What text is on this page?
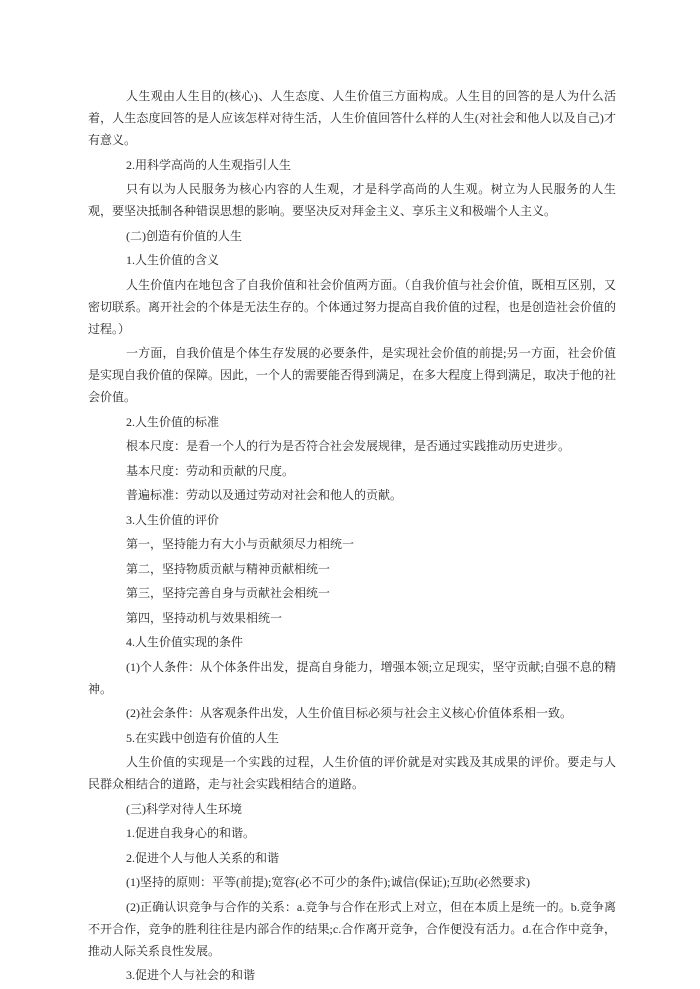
人生观由人生目的(核心)、人生态度、人生价值三方面构成。人生目的回答的是人为什么活着，人生态度回答的是人应该怎样对待生活，人生价值回答什么样的人生(对社会和他人以及自己)才有意义。

2.用科学高尚的人生观指引人生

只有以为人民服务为核心内容的人生观，才是科学高尚的人生观。树立为人民服务的人生观，要坚决抵制各种错误思想的影响。要坚决反对拜金主义、享乐主义和极端个人主义。

(二)创造有价值的人生

1.人生价值的含义

人生价值内在地包含了自我价值和社会价值两方面。（自我价值与社会价值，既相互区别，又密切联系。离开社会的个体是无法生存的。个体通过努力提高自我价值的过程，也是创造社会价值的过程。）

一方面，自我价值是个体生存发展的必要条件，是实现社会价值的前提;另一方面，社会价值是实现自我价值的保障。因此，一个人的需要能否得到满足，在多大程度上得到满足，取决于他的社会价值。

2.人生价值的标准

根本尺度：是看一个人的行为是否符合社会发展规律，是否通过实践推动历史进步。

基本尺度：劳动和贡献的尺度。

普遍标准：劳动以及通过劳动对社会和他人的贡献。

3.人生价值的评价

第一，坚持能力有大小与贡献须尽力相统一

第二，坚持物质贡献与精神贡献相统一

第三，坚持完善自身与贡献社会相统一

第四，坚持动机与效果相统一

4.人生价值实现的条件

(1)个人条件：从个体条件出发，提高自身能力，增强本领;立足现实，坚守贡献;自强不息的精神。

(2)社会条件：从客观条件出发，人生价值目标必须与社会主义核心价值体系相一致。

5.在实践中创造有价值的人生

人生价值的实现是一个实践的过程，人生价值的评价就是对实践及其成果的评价。要走与人民群众相结合的道路，走与社会实践相结合的道路。

(三)科学对待人生环境

1.促进自我身心的和谐。

2.促进个人与他人关系的和谐

(1)坚持的原则：平等(前提);宽容(必不可少的条件);诚信(保证);互助(必然要求)

(2)正确认识竞争与合作的关系：a.竞争与合作在形式上对立，但在本质上是统一的。b.竞争离不开合作，竞争的胜利往往是内部合作的结果;c.合作离开竞争，合作便没有活力。d.在合作中竞争，推动人际关系良性发展。

3.促进个人与社会的和谐
